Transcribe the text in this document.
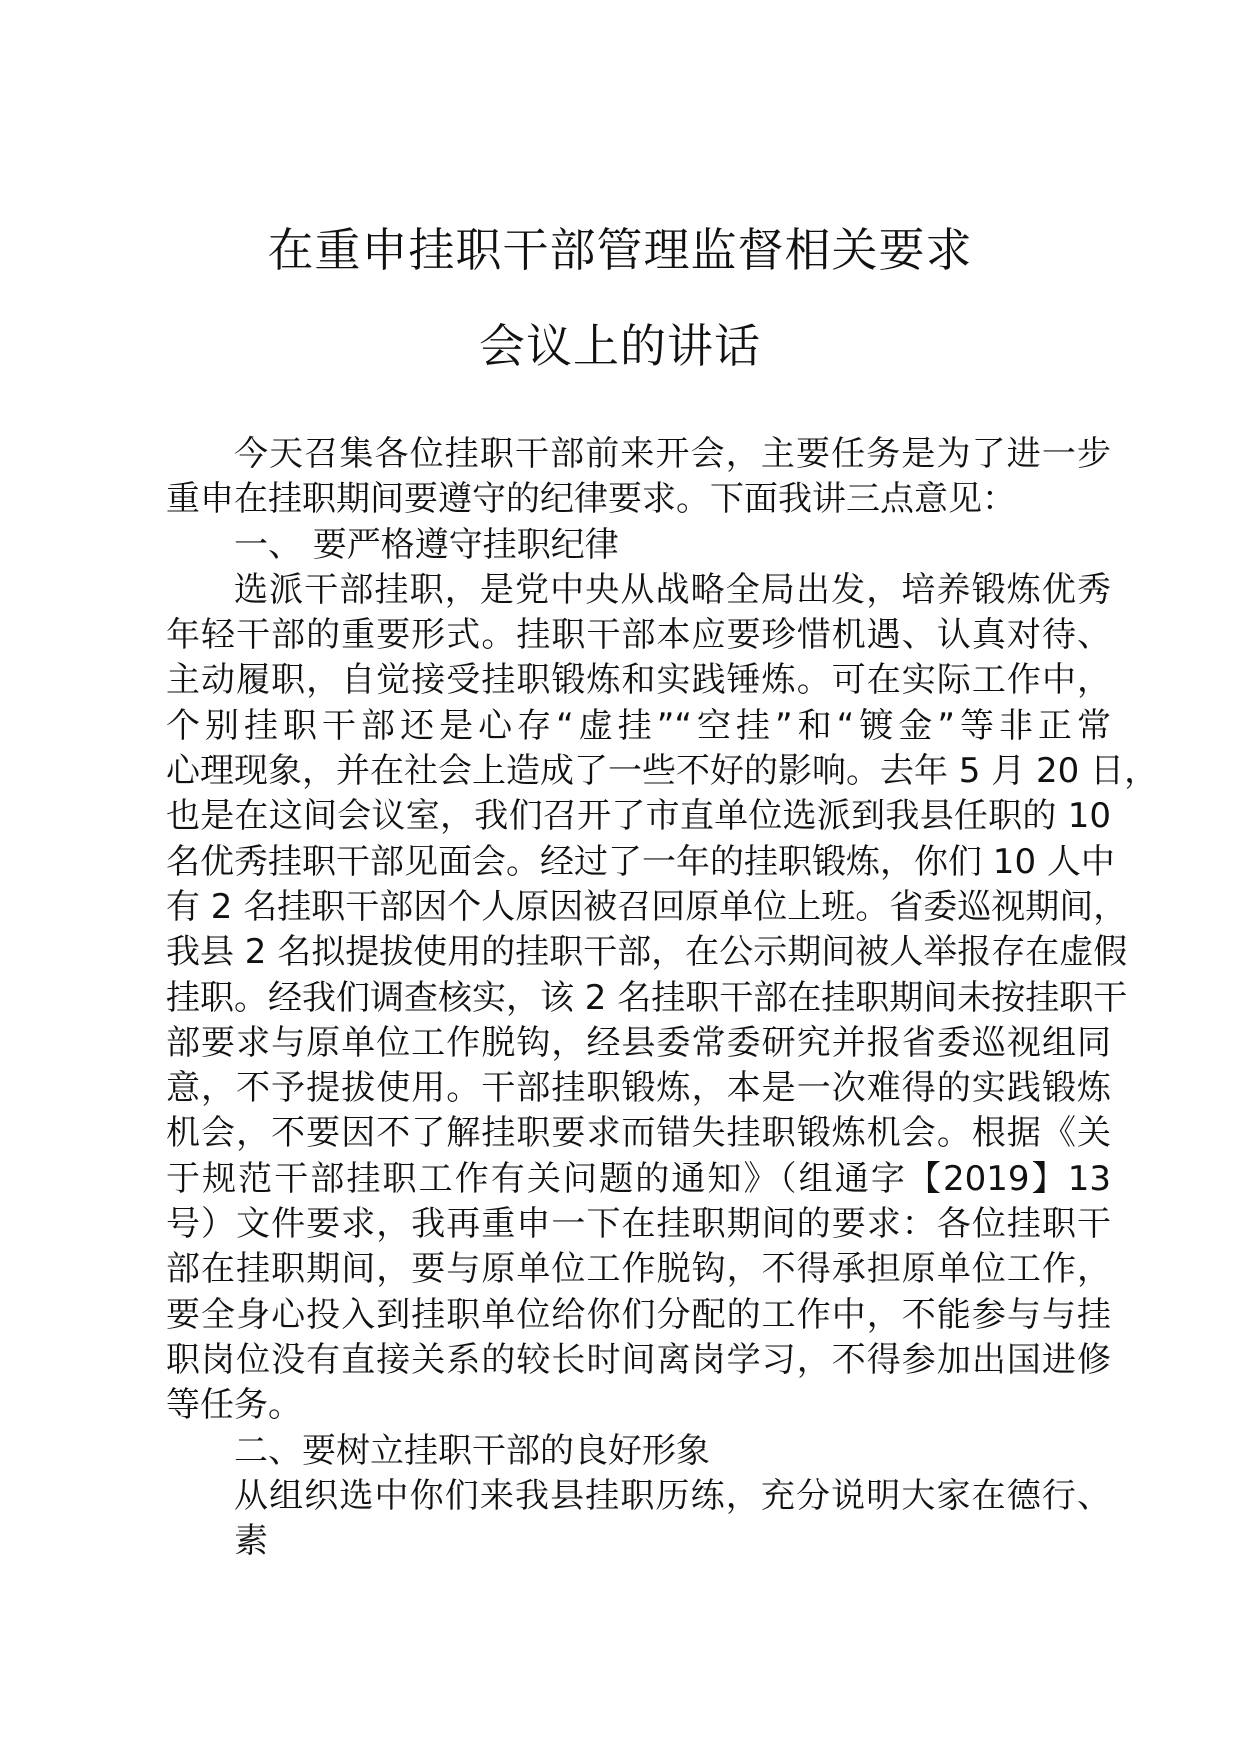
在重申挂职干部管理监督相关要求
会议上的讲话
今天召集各位挂职干部前来开会，主要任务是为了进一步
重申在挂职期间要遵守的纪律要求。下面我讲三点意见：
一、 要严格遵守挂职纪律
选派干部挂职，是党中央从战略全局出发，培养锻炼优秀
年轻干部的重要形式。挂职干部本应要珍惜机遇、认真对待、
主动履职，自觉接受挂职锻炼和实践锤炼。可在实际工作中，
个别挂职干部还是心存“虚挂”“空挂”和“镀金”等非正常
心理现象，并在社会上造成了一些不好的影响。去年 5 月 20 日，
也是在这间会议室，我们召开了市直单位选派到我县任职的 10
名优秀挂职干部见面会。经过了一年的挂职锻炼，你们 10 人中
有 2 名挂职干部因个人原因被召回原单位上班。省委巡视期间，
我县 2 名拟提拔使用的挂职干部，在公示期间被人举报存在虚假
挂职。经我们调查核实，该 2 名挂职干部在挂职期间未按挂职干
部要求与原单位工作脱钩，经县委常委研究并报省委巡视组同
意，不予提拔使用。干部挂职锻炼，本是一次难得的实践锻炼
机会，不要因不了解挂职要求而错失挂职锻炼机会。根据《关
于规范干部挂职工作有关问题的通知》（组通字【2019】13
号）文件要求，我再重申一下在挂职期间的要求：各位挂职干
部在挂职期间，要与原单位工作脱钩，不得承担原单位工作，
要全身心投入到挂职单位给你们分配的工作中，不能参与与挂
职岗位没有直接关系的较长时间离岗学习，不得参加出国进修
等任务。
二、要树立挂职干部的良好形象
从组织选中你们来我县挂职历练，充分说明大家在德行、
素
